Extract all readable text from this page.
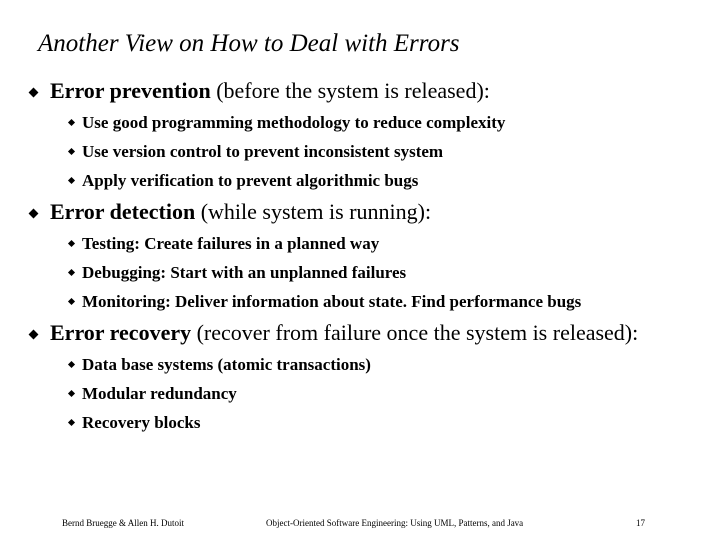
Another View on How to Deal with Errors
Error prevention (before the system is released):
Use good programming methodology to reduce complexity
Use version control to prevent inconsistent system
Apply verification to prevent algorithmic bugs
Error detection (while system is running):
Testing: Create failures in a planned way
Debugging: Start with an unplanned failures
Monitoring: Deliver information about state. Find performance bugs
Error recovery (recover from failure once the system is released):
Data base systems (atomic transactions)
Modular redundancy
Recovery blocks
Bernd Bruegge & Allen H. Dutoit	Object-Oriented Software Engineering: Using UML, Patterns, and Java	17
